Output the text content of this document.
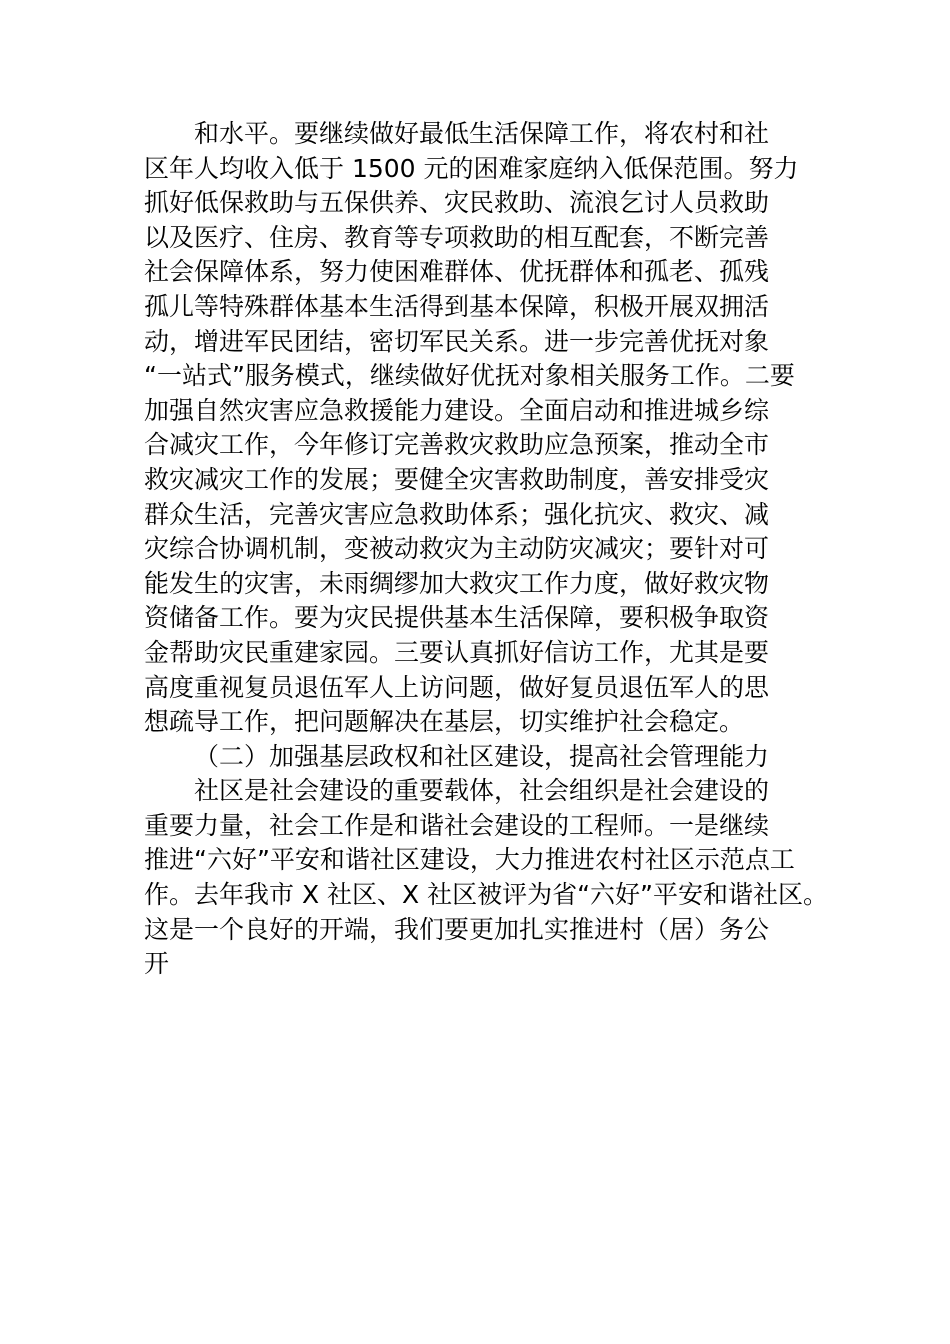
和水平。要继续做好最低生活保障工作，将农村和社
区年人均收入低于 1500 元的困难家庭纳入低保范围。努力
抓好低保救助与五保供养、灾民救助、流浪乞讨人员救助
以及医疗、住房、教育等专项救助的相互配套，不断完善
社会保障体系，努力使困难群体、优抚群体和孤老、孤残
孤儿等特殊群体基本生活得到基本保障，积极开展双拥活
动，增进军民团结，密切军民关系。进一步完善优抚对象
“一站式”服务模式，继续做好优抚对象相关服务工作。二要
加强自然灾害应急救援能力建设。全面启动和推进城乡综
合减灾工作，今年修订完善救灾救助应急预案，推动全市
救灾减灾工作的发展；要健全灾害救助制度，善安排受灾
群众生活，完善灾害应急救助体系；强化抗灾、救灾、减
灾综合协调机制，变被动救灾为主动防灾减灾；要针对可
能发生的灾害，未雨绸缪加大救灾工作力度，做好救灾物
资储备工作。要为灾民提供基本生活保障，要积极争取资
金帮助灾民重建家园。三要认真抓好信访工作，尤其是要
高度重视复员退伍军人上访问题，做好复员退伍军人的思
想疏导工作，把问题解决在基层，切实维护社会稳定。
（二）加强基层政权和社区建设，提高社会管理能力
社区是社会建设的重要载体，社会组织是社会建设的
重要力量，社会工作是和谐社会建设的工程师。一是继续
推进“六好”平安和谐社区建设，大力推进农村社区示范点工
作。去年我市 X 社区、X 社区被评为省“六好”平安和谐社区。
这是一个良好的开端，我们要更加扎实推进村（居）务公
开
